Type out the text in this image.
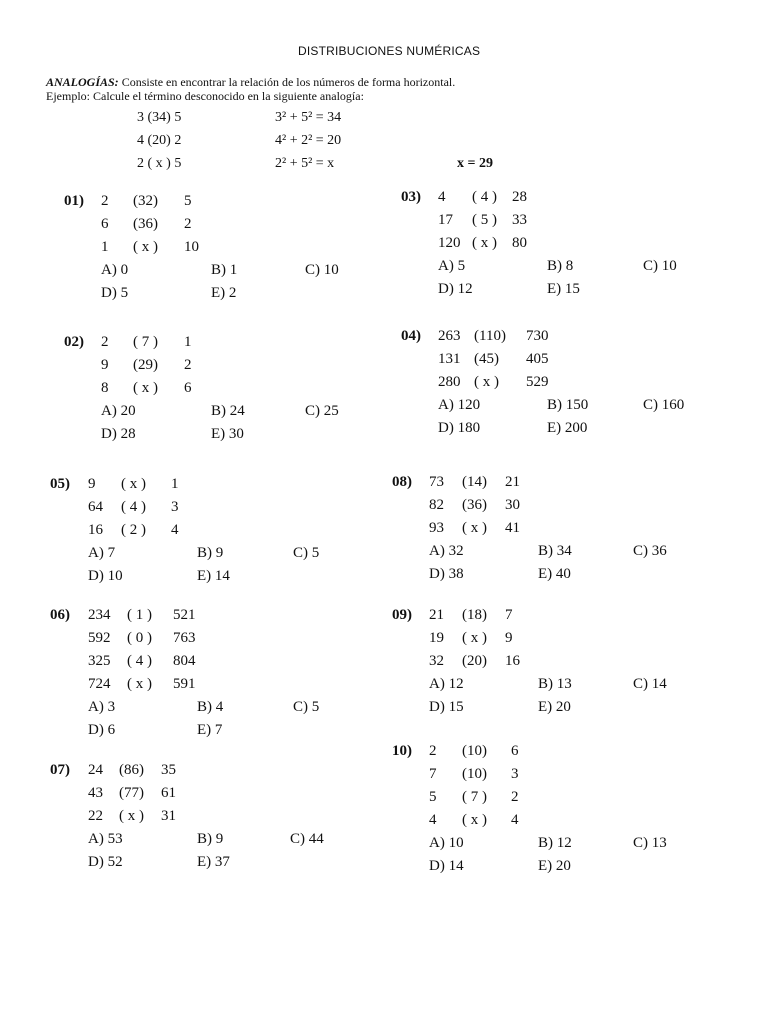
DISTRIBUCIONES NUMÉRICAS
ANALOGÍAS: Consiste en encontrar la relación de los números de forma horizontal.
Ejemplo: Calcule el término desconocido en la siguiente analogía:
3 (34) 5	3² + 5² = 34
4 (20) 2	4² + 2² = 20
2 ( x ) 5	2² + 5² = x	x = 29
01) 2 (32) 5
6 (36) 2
1 ( x ) 10
A) 0	B) 1	C) 10
D) 5	E) 2
02) 2 ( 7 ) 1
9 (29) 2
8 ( x ) 6
A) 20	B) 24	C) 25
D) 28	E) 30
03) 4 ( 4 ) 28
17 ( 5 ) 33
120 ( x ) 80
A) 5	B) 8	C) 10
D) 12	E) 15
04) 263 (110) 730
131 (45) 405
280 ( x ) 529
A) 120	B) 150	C) 160
D) 180	E) 200
05) 9 ( x ) 1
64 ( 4 ) 3
16 ( 2 ) 4
A) 7	B) 9	C) 5
D) 10	E) 14
06) 234 ( 1 ) 521
592 ( 0 ) 763
325 ( 4 ) 804
724 ( x ) 591
A) 3	B) 4	C) 5
D) 6	E) 7
07) 24 (86) 35
43 (77) 61
22 ( x ) 31
A) 53	B) 9	C) 44
D) 52	E) 37
08) 73 (14) 21
82 (36) 30
93 ( x ) 41
A) 32	B) 34	C) 36
D) 38	E) 40
09) 21 (18) 7
19 ( x ) 9
32 (20) 16
A) 12	B) 13	C) 14
D) 15	E) 20
10) 2 (10) 6
7 (10) 3
5 ( 7 ) 2
4 ( x ) 4
A) 10	B) 12	C) 13
D) 14	E) 20
